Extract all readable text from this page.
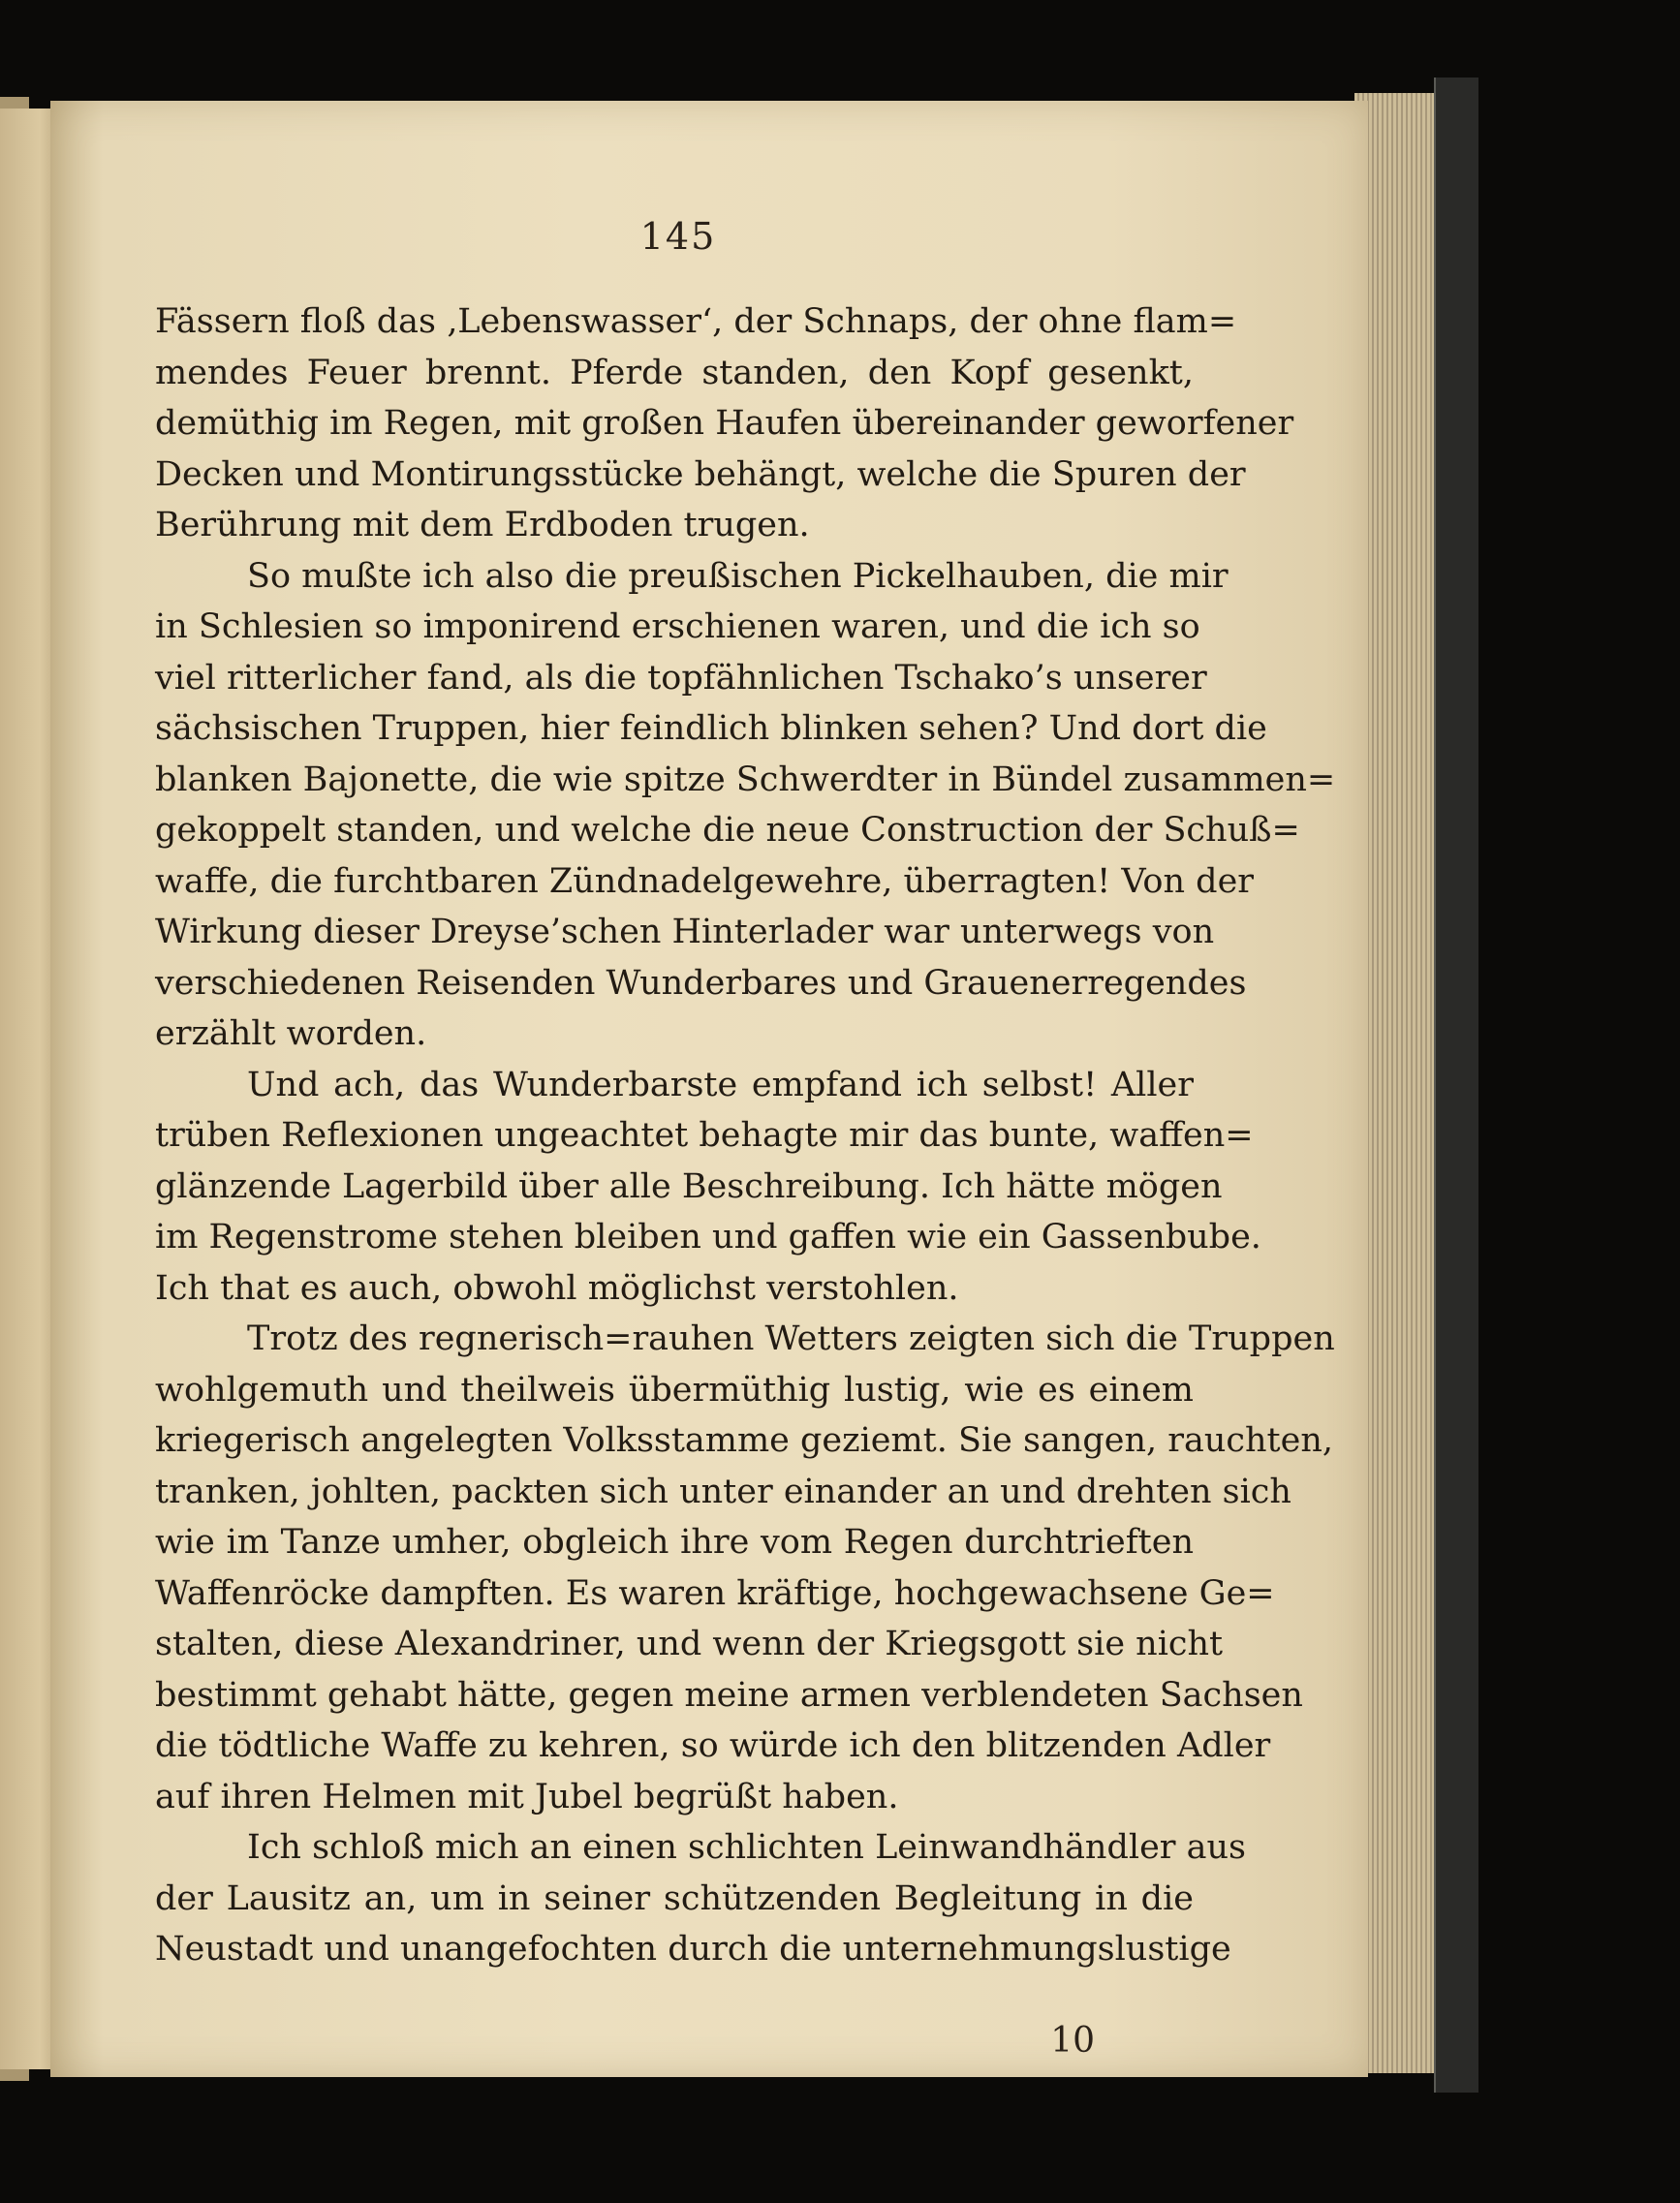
145
Fässern floß das ‚Lebenswasser‘, der Schnaps, der ohne flam=
mendes Feuer brennt. Pferde standen, den Kopf gesenkt,
demüthig im Regen, mit großen Haufen übereinander geworfener
Decken und Montirungsstücke behängt, welche die Spuren der
Berührung mit dem Erdboden trugen.
So mußte ich also die preußischen Pickelhauben, die mir
in Schlesien so imponirend erschienen waren, und die ich so
viel ritterlicher fand, als die topfähnlichen Tschako’s unserer
sächsischen Truppen, hier feindlich blinken sehen? Und dort die
blanken Bajonette, die wie spitze Schwerdter in Bündel zusammen=
gekoppelt standen, und welche die neue Construction der Schuß=
waffe, die furchtbaren Zündnadelgewehre, überragten! Von der
Wirkung dieser Dreyse’schen Hinterlader war unterwegs von
verschiedenen Reisenden Wunderbares und Grauenerregendes
erzählt worden.
Und ach, das Wunderbarste empfand ich selbst! Aller
trüben Reflexionen ungeachtet behagte mir das bunte, waffen=
glänzende Lagerbild über alle Beschreibung. Ich hätte mögen
im Regenstrome stehen bleiben und gaffen wie ein Gassenbube.
Ich that es auch, obwohl möglichst verstohlen.
Trotz des regnerisch=rauhen Wetters zeigten sich die Truppen
wohlgemuth und theilweis übermüthig lustig, wie es einem
kriegerisch angelegten Volksstamme geziemt. Sie sangen, rauchten,
tranken, johlten, packten sich unter einander an und drehten sich
wie im Tanze umher, obgleich ihre vom Regen durchtrieften
Waffenröcke dampften. Es waren kräftige, hochgewachsene Ge=
stalten, diese Alexandriner, und wenn der Kriegsgott sie nicht
bestimmt gehabt hätte, gegen meine armen verblendeten Sachsen
die tödtliche Waffe zu kehren, so würde ich den blitzenden Adler
auf ihren Helmen mit Jubel begrüßt haben.
Ich schloß mich an einen schlichten Leinwandhändler aus
der Lausitz an, um in seiner schützenden Begleitung in die
Neustadt und unangefochten durch die unternehmungslustige
10
